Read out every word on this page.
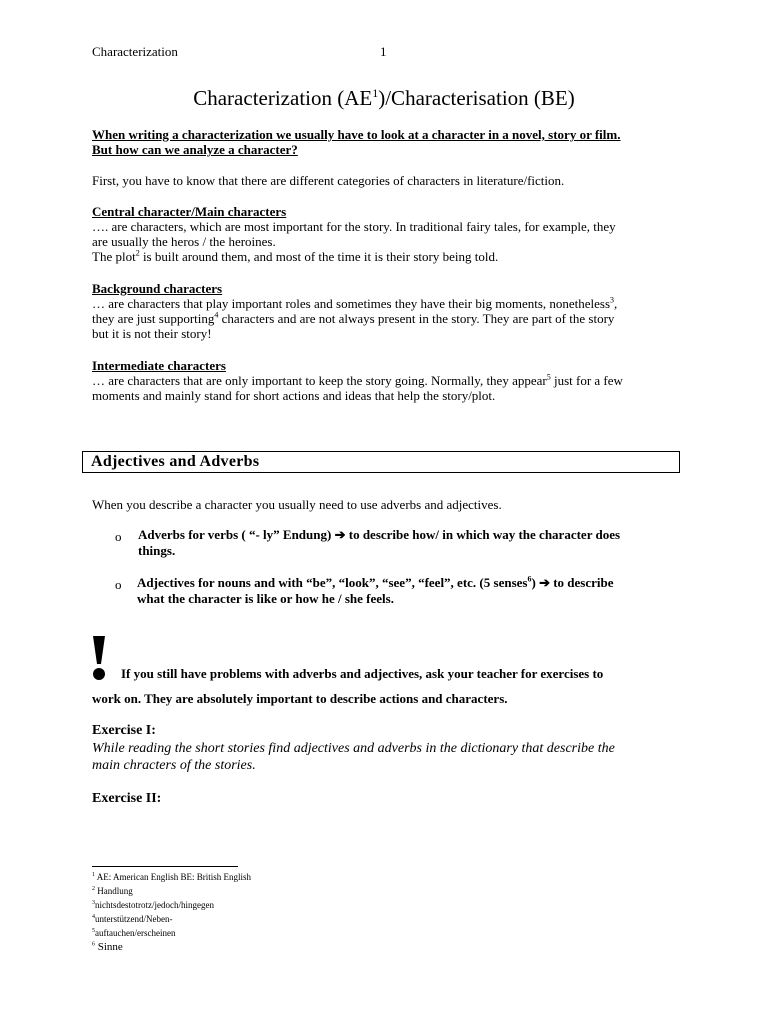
Characterization	1
Characterization $(AE^1)$/Characterisation (BE)
When writing a characterization we usually have to look at a character in a novel, story or film.
But how can we analyze a character?
First, you have to know that there are different categories of characters in literature/fiction.
Central character/Main characters
…. are characters, which are most important for the story. In traditional fairy tales, for example, they
are usually the heros / the heroines.
The plot$^2$ is built around them, and most of the time it is their story being told.
Background characters
… are characters that play important roles and sometimes they have their big moments, nonetheless$^3$,
they are just supporting$^4$ characters and are not always present in the story. They are part of the story
but it is not their story!
Intermediate characters
… are characters that are only important to keep the story going. Normally, they appear$^5$ just for a few
moments and mainly stand for short actions and ideas that help the story/plot.
Adjectives and Adverbs
When you describe a character you usually need to use adverbs and adjectives.
o Adverbs for verbs ( “- ly” Endung) ➔ to describe how/ in which way the character does
things.
o Adjectives for nouns and with “be”, “look”, “see”, “feel”, etc. (5 senses$^6$) ➔ to describe
what the character is like or how he / she feels.
If you still have problems with adverbs and adjectives, ask your teacher for exercises to
work on. They are absolutely important to describe actions and characters.
Exercise I:
While reading the short stories find adjectives and adverbs in the dictionary that describe the
main chracters of the stories.
Exercise II:
$^1$ AE: American English BE: British English
$^2$ Handlung
$^3$nichtsdestotrotz/jedoch/hingegen
$^4$unterstützend/Neben-
$^5$auftauchen/erscheinen
$^6$ Sinne
